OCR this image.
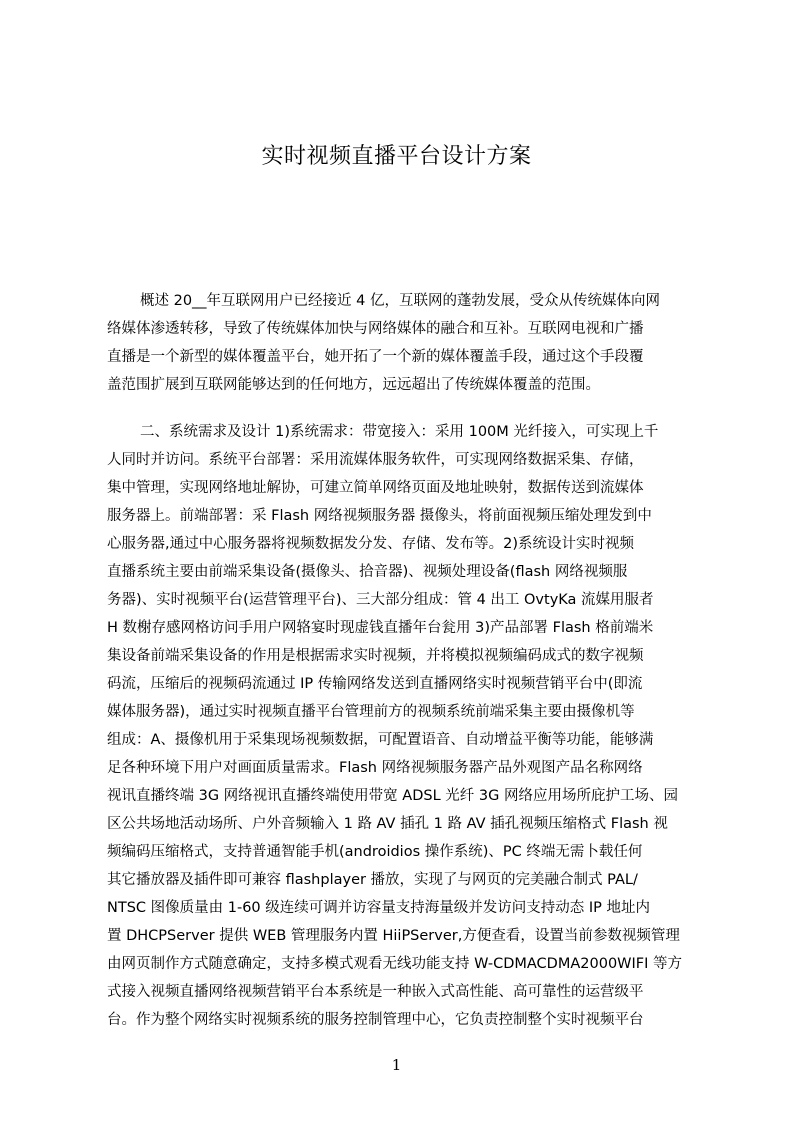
实时视频直播平台设计方案
概述 20__年互联网用户已经接近 4 亿，互联网的蓬勃发展，受众从传统媒体向网
络媒体渗透转移，导致了传统媒体加快与网络媒体的融合和互补。互联网电视和广播
直播是一个新型的媒体覆盖平台，她开拓了一个新的媒体覆盖手段，通过这个手段覆
盖范围扩展到互联网能够达到的任何地方，远远超出了传统媒体覆盖的范围。
二、系统需求及设计 1)系统需求：带宽接入：采用 100M 光纤接入，可实现上千
人同时并访问。系统平台部署：采用流媒体服务软件，可实现网络数据采集、存储，
集中管理，实现网络地址解协，可建立简单网络页面及地址映射，数据传送到流媒体
服务器上。前端部署：采 Flash 网络视频服务器 摄像头，将前面视频压缩处理发到中
心服务器,通过中心服务器将视频数据发分发、存储、发布等。2)系统设计实时视频
直播系统主要由前端采集设备(摄像头、拾音器)、视频处理设备(flash 网络视频服
务器)、实时视频平台(运营管理平台)、三大部分组成：管 4 出工 OvtyKa 流媒用服者
H 数榭存感网格访问手用户网辂宴时现虚钱直播年台瓮用 3)产品部署 Flash 格前端米
集设备前端采集设备的作用是根据需求实时视频，并将模拟视频编码成式的数字视频
码流，压缩后的视频码流通过 IP 传输网络发送到直播网络实时视频营销平台中(即流
媒体服务器)，通过实时视频直播平台管理前方的视频系统前端采集主要由摄像机等
组成：A、摄像机用于采集现场视频数据，可配置语音、自动增益平衡等功能，能够满
足各种环境下用户对画面质量需求。Flash 网络视频服务器产品外观图产品名称网络
视讯直播终端 3G 网络视讯直播终端使用带宽 ADSL 光纤 3G 网络应用场所庇护工场、园
区公共场地活动场所、户外音频输入 1 路 AV 插孔 1 路 AV 插孔视频压缩格式 Flash 视
频编码压缩格式，支持普通智能手机(androidios 操作系统)、PC 终端无需卜载任何
其它播放器及插件即可兼容 flashplayer 播放，实现了与网页的完美融合制式 PAL/
NTSC 图像质量由 1-60 级连续可调并访容量支持海量级并发访问支持动态 IP 地址内
置 DHCPServer 提供 WEB 管理服务内置 HiiPServer,方便查看，设置当前参数视频管理
由网页制作方式随意确定，支持多模式观看无线功能支持 W-CDMACDMA2000WIFI 等方
式接入视频直播网络视频营销平台本系统是一种嵌入式高性能、高可靠性的运营级平
台。作为整个网络实时视频系统的服务控制管理中心，它负责控制整个实时视频平台
1
